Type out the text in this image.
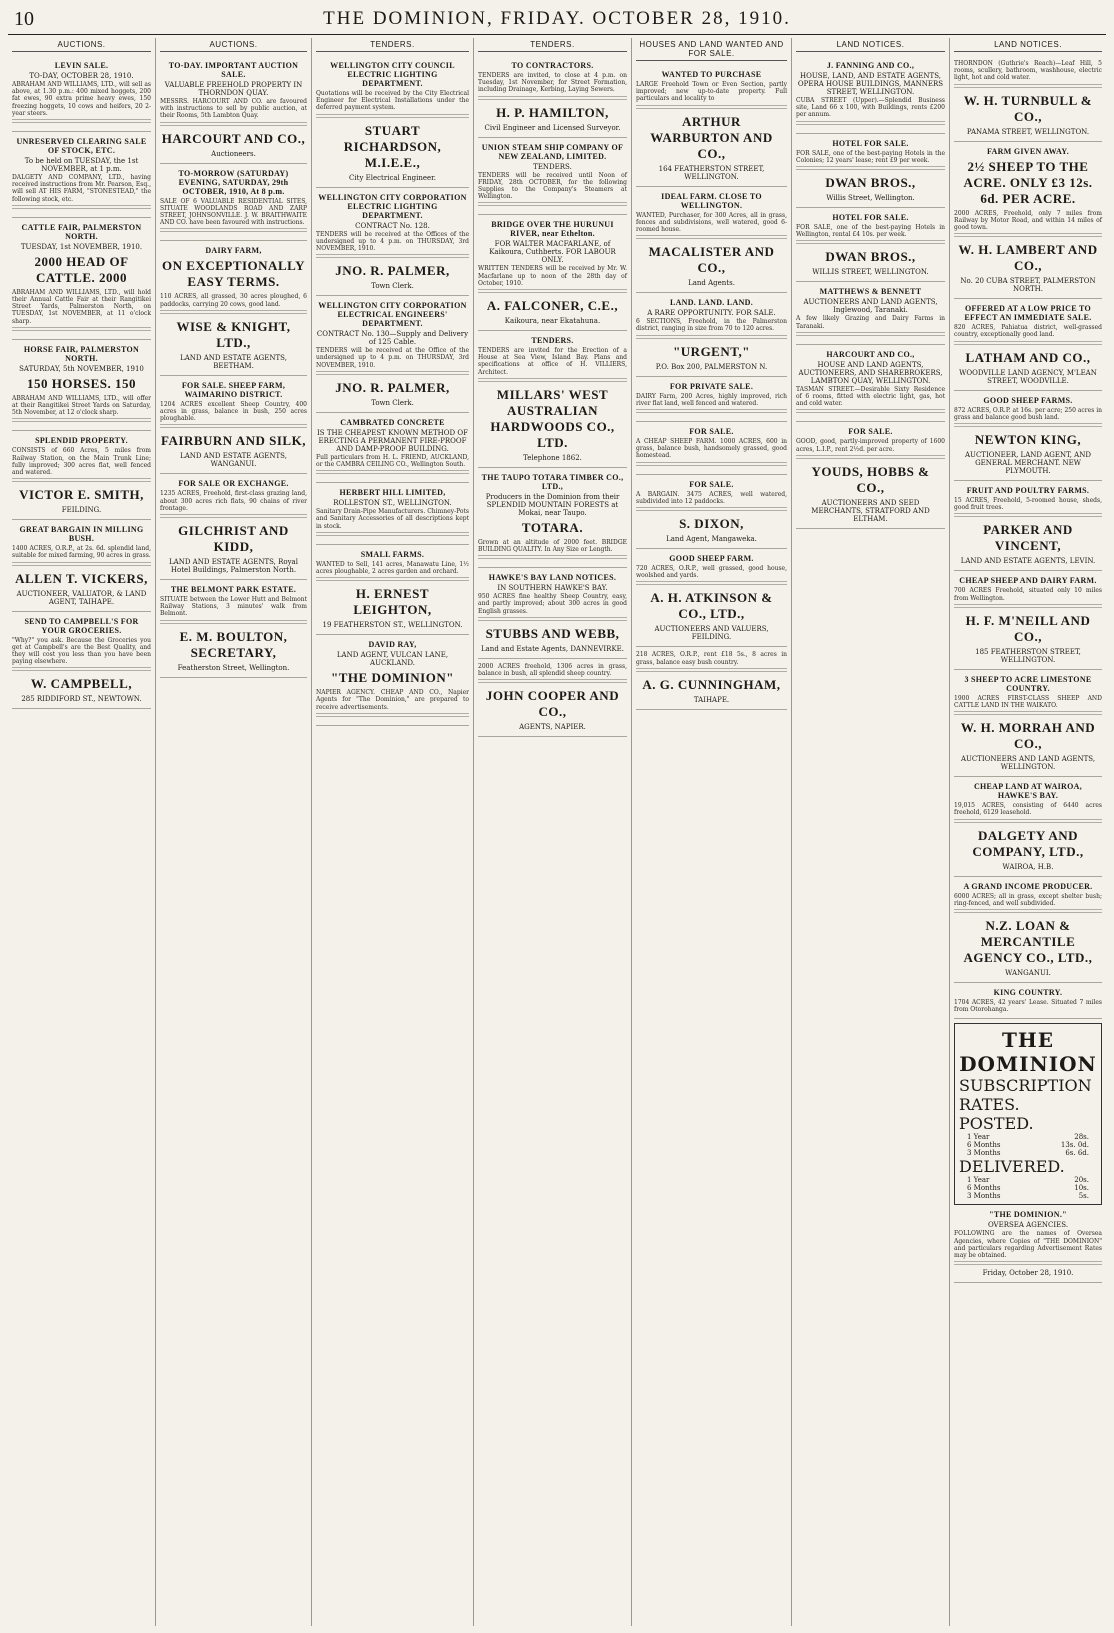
10	THE DOMINION, FRIDAY. OCTOBER 28, 1910.
AUCTIONS.
LEVIN SALE.
TO-DAY, OCTOBER 28, 1910.

ABRAHAM AND WILLIAMS, LTD., will sell as above, at 1.30 p.m.: 400 mixed hoggets, 200 fat ewes, 90 extra prime heavy ewes, 150 freezing hoggets, 10 cows and heifers, 20 2-year steers.

UNRESERVED CLEARING SALE OF STOCK, ETC.
To be held on TUESDAY, the 1st NOVEMBER, at 1 p.m.

DALGETY AND COMPANY, LTD., having received instructions from Mr. Pearson, Esq., will sell AT HIS FARM, "STONESTEAD," the following stock, etc.

CATTLE FAIR, PALMERSTON NORTH.
TUESDAY, 1st NOVEMBER, 1910.
2000 HEAD OF CATTLE. 2000

ABRAHAM AND WILLIAMS, LTD., will hold their Annual Cattle Fair at their Rangitikei Street Yards, Palmerston North, on TUESDAY, 1st NOVEMBER, at 11 o'clock sharp.

HORSE FAIR, PALMERSTON NORTH.
SATURDAY, 5th NOVEMBER, 1910
150 HORSES. 150

ABRAHAM AND WILLIAMS, LTD., will offer at their Rangitikei Street Yards on Saturday, 5th November, at 12 o'clock sharp.

SPLENDID PROPERTY.

CONSISTS of 660 Acres, 5 miles from Railway Station, on the Main Trunk Line; fully improved; 300 acres flat, well fenced and watered.

VICTOR E. SMITH,
FEILDING.
GREAT BARGAIN IN MILLING BUSH.

1400 ACRES, O.R.P., at 2s. 6d. splendid land, suitable for mixed farming, 90 acres in grass.

ALLEN T. VICKERS,
AUCTIONEER, VALUATOR, & LAND AGENT, TAIHAPE.
SEND TO CAMPBELL'S FOR YOUR GROCERIES.

"Why?" you ask. Because the Groceries you get at Campbell's are the Best Quality, and they will cost you less than you have been paying elsewhere.

W. CAMPBELL,
285 RIDDIFORD ST., NEWTOWN.
AUCTIONS.
TO-DAY. IMPORTANT AUCTION SALE.
VALUABLE FREEHOLD PROPERTY IN THORNDON QUAY.

MESSRS. HARCOURT AND CO. are favoured with instructions to sell by public auction, at their Rooms, 5th Lambton Quay.

HARCOURT AND CO.,
Auctioneers.
TO-MORROW (SATURDAY) EVENING, SATURDAY, 29th OCTOBER, 1910, At 8 p.m.

SALE OF 6 VALUABLE RESIDENTIAL SITES, SITUATE WOODLANDS ROAD AND ZARP STREET, JOHNSONVILLE. J. W. BRAITHWAITE AND CO. have been favoured with instructions.

DAIRY FARM,
ON EXCEPTIONALLY EASY TERMS.

110 ACRES, all grassed, 30 acres ploughed, 6 paddocks, carrying 20 cows, good land.

WISE & KNIGHT, LTD.,
LAND AND ESTATE AGENTS, BEETHAM.
FOR SALE. SHEEP FARM, WAIMARINO DISTRICT.

1204 ACRES excellent Sheep Country, 400 acres in grass, balance in bush, 250 acres ploughable.

FAIRBURN AND SILK,
LAND AND ESTATE AGENTS, WANGANUI.
FOR SALE OR EXCHANGE.

1235 ACRES, Freehold, first-class grazing land, about 300 acres rich flats, 90 chains of river frontage.

GILCHRIST AND KIDD,
LAND AND ESTATE AGENTS, Royal Hotel Buildings, Palmerston North.
THE BELMONT PARK ESTATE.

SITUATE between the Lower Hutt and Belmont Railway Stations, 3 minutes' walk from Belmont.

E. M. BOULTON, SECRETARY,
Featherston Street, Wellington.
TENDERS.
WELLINGTON CITY COUNCIL ELECTRIC LIGHTING DEPARTMENT.

Quotations will be received by the City Electrical Engineer for Electrical Installations under the deferred payment system.

STUART RICHARDSON, M.I.E.E.,
City Electrical Engineer.
WELLINGTON CITY CORPORATION ELECTRIC LIGHTING DEPARTMENT.
CONTRACT No. 128.

TENDERS will be received at the Offices of the undersigned up to 4 p.m. on THURSDAY, 3rd NOVEMBER, 1910.

JNO. R. PALMER,
Town Clerk.
WELLINGTON CITY CORPORATION ELECTRICAL ENGINEERS' DEPARTMENT.
CONTRACT No. 130—Supply and Delivery of 125 Cable.

TENDERS will be received at the Office of the undersigned up to 4 p.m. on THURSDAY, 3rd NOVEMBER, 1910.

JNO. R. PALMER,
Town Clerk.
CAMBRATED CONCRETE
IS THE CHEAPEST KNOWN METHOD OF ERECTING A PERMANENT FIRE-PROOF AND DAMP-PROOF BUILDING.

Full particulars from H. L. FRIEND, AUCKLAND, or the CAMBRA CEILING CO., Wellington South.

HERBERT HILL LIMITED,
ROLLESTON ST., WELLINGTON.

Sanitary Drain-Pipe Manufacturers. Chimney-Pots and Sanitary Accessories of all descriptions kept in stock.

SMALL FARMS.

WANTED to Sell, 141 acres, Manawatu Line, 1½ acres ploughable, 2 acres garden and orchard.

H. ERNEST LEIGHTON,
19 FEATHERSTON ST., WELLINGTON.
DAVID RAY,
LAND AGENT, VULCAN LANE, AUCKLAND.
"THE DOMINION"

NAPIER AGENCY. CHEAP AND CO., Napier Agents for "The Dominion," are prepared to receive advertisements.

TENDERS.
TO CONTRACTORS.

TENDERS are invited, to close at 4 p.m. on Tuesday, 1st November, for Street Formation, including Drainage, Kerbing, Laying Sewers.

H. P. HAMILTON,
Civil Engineer and Licensed Surveyor.
UNION STEAM SHIP COMPANY OF NEW ZEALAND, LIMITED.
TENDERS.

TENDERS will be received until Noon of FRIDAY, 28th OCTOBER, for the following Supplies to the Company's Steamers at Wellington.

BRIDGE OVER THE HURUNUI RIVER, near Ethelton.
FOR WALTER MACFARLANE, of Kaikoura, Cuthberts. FOR LABOUR ONLY.

WRITTEN TENDERS will be received by Mr. W. Macfarlane up to noon of the 28th day of October, 1910.

A. FALCONER, C.E.,
Kaikoura, near Ekatahuna.
TENDERS.

TENDERS are invited for the Erection of a House at Sea View, Island Bay. Plans and specifications at office of H. VILLIERS, Architect.

MILLARS' WEST AUSTRALIAN HARDWOODS CO., LTD.
Telephone 1862.
THE TAUPO TOTARA TIMBER CO., LTD.,
Producers in the Dominion from their SPLENDID MOUNTAIN FORESTS at Mokai, near Taupo.
TOTARA.

Grown at an altitude of 2000 feet. BRIDGE BUILDING QUALITY. In Any Size or Length.

HAWKE'S BAY LAND NOTICES.
IN SOUTHERN HAWKE'S BAY.

950 ACRES fine healthy Sheep Country, easy, and partly improved; about 300 acres in good English grasses.

STUBBS AND WEBB,
Land and Estate Agents, DANNEVIRKE.

2000 ACRES freehold, 1306 acres in grass, balance in bush, all splendid sheep country.

JOHN COOPER AND CO.,
AGENTS, NAPIER.
HOUSES AND LAND WANTED AND FOR SALE.
WANTED TO PURCHASE

LARGE Freehold Town or Even Section, partly improved; new up-to-date property. Full particulars and locality to

ARTHUR WARBURTON AND CO.,
164 FEATHERSTON STREET, WELLINGTON.
IDEAL FARM. CLOSE TO WELLINGTON.

WANTED, Purchaser, for 300 Acres, all in grass, fences and subdivisions, well watered, good 6-roomed house.

MACALISTER AND CO.,
Land Agents.
LAND. LAND. LAND.
A RARE OPPORTUNITY. FOR SALE.

6 SECTIONS, Freehold, in the Palmerston district, ranging in size from 70 to 120 acres.

"URGENT,"
P.O. Box 200, PALMERSTON N.
FOR PRIVATE SALE.

DAIRY Farm, 200 Acres, highly improved, rich river flat land, well fenced and watered.

FOR SALE.

A CHEAP SHEEP FARM. 1000 ACRES, 600 in grass, balance bush, handsomely grassed, good homestead.

FOR SALE.

A BARGAIN. 3475 ACRES, well watered, subdivided into 12 paddocks.

S. DIXON,
Land Agent, Mangaweka.
GOOD SHEEP FARM.

720 ACRES, O.R.P., well grassed, good house, woolshed and yards.

A. H. ATKINSON & CO., LTD.,
AUCTIONEERS AND VALUERS, FEILDING.

218 ACRES, O.R.P., rent £18 5s., 8 acres in grass, balance easy bush country.

A. G. CUNNINGHAM,
TAIHAPE.
LAND NOTICES.
J. FANNING AND CO.,
HOUSE, LAND, AND ESTATE AGENTS, OPERA HOUSE BUILDINGS, MANNERS STREET, WELLINGTON.

CUBA STREET (Upper).—Splendid Business site, Land 66 x 100, with Buildings, rents £200 per annum.

HOTEL FOR SALE.

FOR SALE, one of the best-paying Hotels in the Colonies; 12 years' lease; rent £9 per week.

DWAN BROS.,
Willis Street, Wellington.
HOTEL FOR SALE.

FOR SALE, one of the best-paying Hotels in Wellington, rental £4 10s. per week.

DWAN BROS.,
WILLIS STREET, WELLINGTON.
MATTHEWS & BENNETT
AUCTIONEERS AND LAND AGENTS, Inglewood, Taranaki.

A few likely Grazing and Dairy Farms in Taranaki.

HARCOURT AND CO.,
HOUSE AND LAND AGENTS, AUCTIONEERS, AND SHAREBROKERS, LAMBTON QUAY, WELLINGTON.

TASMAN STREET.—Desirable Sixty Residence of 6 rooms, fitted with electric light, gas, hot and cold water.

FOR SALE.

GOOD, good, partly-improved property of 1600 acres, L.I.P., rent 2½d. per acre.

YOUDS, HOBBS & CO.,
AUCTIONEERS AND SEED MERCHANTS, STRATFORD AND ELTHAM.
LAND NOTICES.

THORNDON (Guthrie's Reach)—Leaf Hill, 5 rooms, scullery, bathroom, washhouse, electric light, hot and cold water.

W. H. TURNBULL & CO.,
PANAMA STREET, WELLINGTON.
FARM GIVEN AWAY.
2½ SHEEP TO THE ACRE. ONLY £3 12s. 6d. PER ACRE.

2000 ACRES, Freehold, only 7 miles from Railway by Motor Road, and within 14 miles of good town.

W. H. LAMBERT AND CO.,
No. 20 CUBA STREET, PALMERSTON NORTH.
OFFERED AT A LOW PRICE TO EFFECT AN IMMEDIATE SALE.

820 ACRES, Pahiatua district, well-grassed country, exceptionally good land.

LATHAM AND CO.,
WOODVILLE LAND AGENCY, M'LEAN STREET, WOODVILLE.
GOOD SHEEP FARMS.

872 ACRES, O.R.P. at 16s. per acre; 250 acres in grass and balance good bush land.

NEWTON KING,
AUCTIONEER, LAND AGENT, AND GENERAL MERCHANT. NEW PLYMOUTH.
FRUIT AND POULTRY FARMS.

15 ACRES, Freehold, 5-roomed house, sheds, good fruit trees.

PARKER AND VINCENT,
LAND AND ESTATE AGENTS, LEVIN.
CHEAP SHEEP AND DAIRY FARM.

700 ACRES Freehold, situated only 10 miles from Wellington.

H. F. M'NEILL AND CO.,
185 FEATHERSTON STREET, WELLINGTON.
3 SHEEP TO ACRE LIMESTONE COUNTRY.

1900 ACRES FIRST-CLASS SHEEP AND CATTLE LAND IN THE WAIKATO.

W. H. MORRAH AND CO.,
AUCTIONEERS AND LAND AGENTS, WELLINGTON.
CHEAP LAND AT WAIROA, HAWKE'S BAY.

19,015 ACRES, consisting of 6440 acres freehold, 6129 leasehold.

DALGETY AND COMPANY, LTD.,
WAIROA, H.B.
A GRAND INCOME PRODUCER.

6000 ACRES; all in grass, except shelter bush; ring-fenced, and well subdivided.

N.Z. LOAN & MERCANTILE AGENCY CO., LTD.,
WANGANUI.
KING COUNTRY.

1704 ACRES, 42 years' Lease. Situated 7 miles from Otorohanga.

THE DOMINION
SUBSCRIPTION RATES.
POSTED.
1 Year	28s.
6 Months	13s. 0d.
3 Months	6s. 6d.
DELIVERED.
1 Year	20s.
6 Months	10s.
3 Months	5s.
"THE DOMINION."
OVERSEA AGENCIES.

FOLLOWING are the names of Oversea Agencies, where Copies of "THE DOMINION" and particulars regarding Advertisement Rates may be obtained.

Friday, October 28, 1910.
